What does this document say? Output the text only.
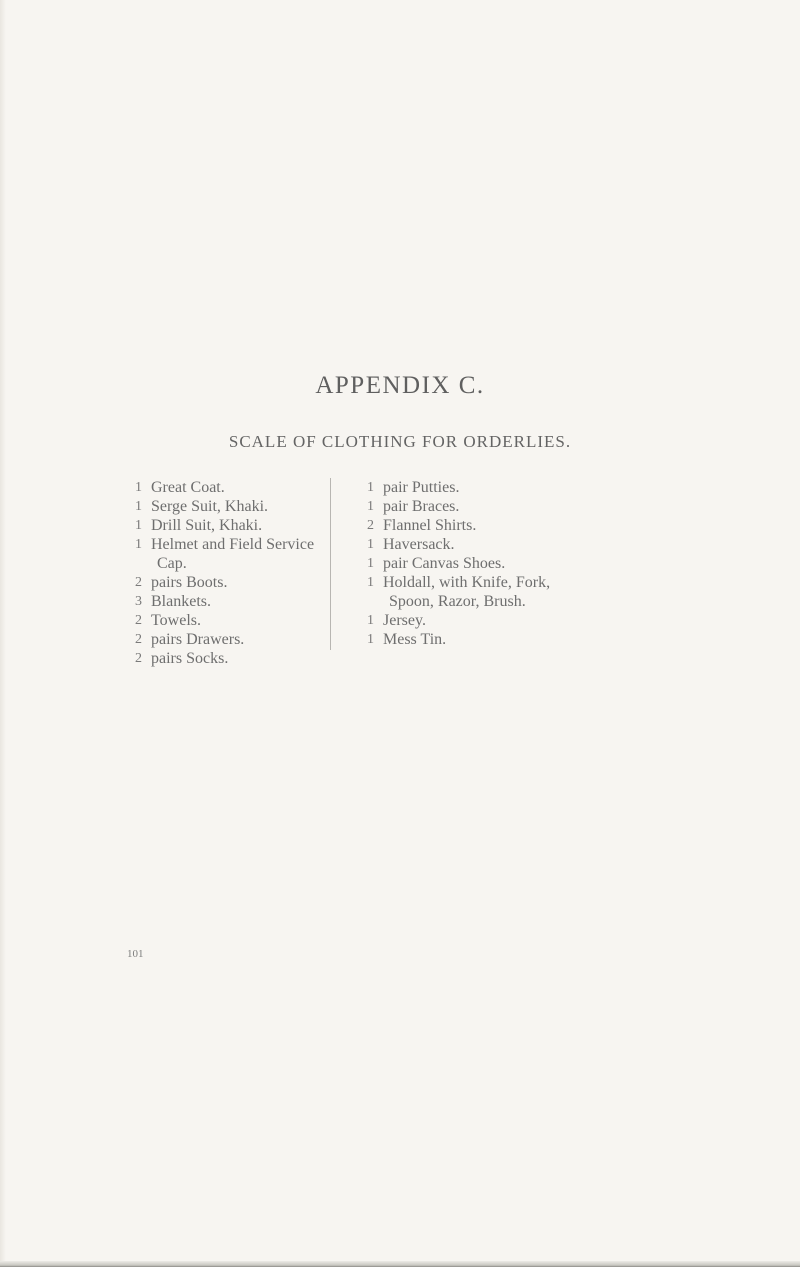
APPENDIX C.
SCALE OF CLOTHING FOR ORDERLIES.
1 Great Coat.
1 Serge Suit, Khaki.
1 Drill Suit, Khaki.
1 Helmet and Field Service
Cap.
2 pairs Boots.
3 Blankets.
2 Towels.
2 pairs Drawers.
2 pairs Socks.
1 pair Putties.
1 pair Braces.
2 Flannel Shirts.
1 Haversack.
1 pair Canvas Shoes.
1 Holdall, with Knife, Fork,
Spoon, Razor, Brush.
1 Jersey.
1 Mess Tin.
101
